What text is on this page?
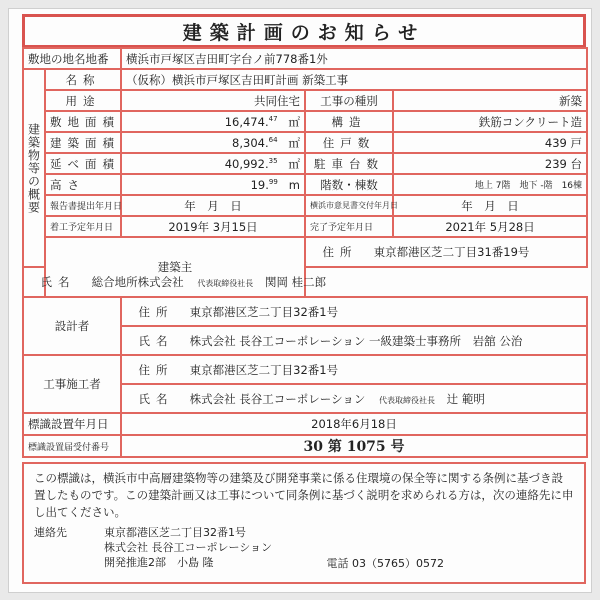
建築計画のお知らせ
敷地の地名地番		横浜市戸塚区吉田町字台ノ前778番1外		
建築物等の概要	名称	（仮称）横浜市戸塚区吉田町計画 新築工事		
	用途	共同住宅	工事の種別	新築
	敷地面積	16,474.47 ㎡	構造	鉄筋コンクリート造
	建築面積	8,304.64 ㎡	住戸数	439 戸
	延べ面積	40,992.35 ㎡	駐車台数	239 台
	高さ	19.99 m	階数・棟数	地上 7階　地下 -階　16棟
	報告書提出年月日	年　月　日	横浜市意見書交付年月日	年　月　日
	着工予定年月日	2019年 3月15日	完了予定年月日	2021年 5月28日
	建築主		住所 東京都港区芝二丁目31番19号	
氏名 総合地所株式会社 代表取締役社長 関岡 桂二郎				
設計者		住所 東京都港区芝二丁目32番1号		
		氏名 株式会社 長谷工コーポレーション 一級建築士事務所 岩舘 公治		
工事施工者		住所 東京都港区芝二丁目32番1号		
		氏名 株式会社 長谷工コーポレーション 代表取締役社長 辻 範明		
標識設置年月日		2018年6月18日		
標識設置届受付番号		30 第 1075 号		

この標識は，横浜市中高層建築物等の建築及び開発事業に係る住環境の保全等に関する条例に基づき設置したものです。この建築計画又は工事について同条例に基づく説明を求められる方は，次の連絡先に申し出てください。

連絡先	東京都港区芝二丁目32番1号
株式会社 長谷工コーポレーション
開発推進2部　小島 隆	電話 03（5765）0572
